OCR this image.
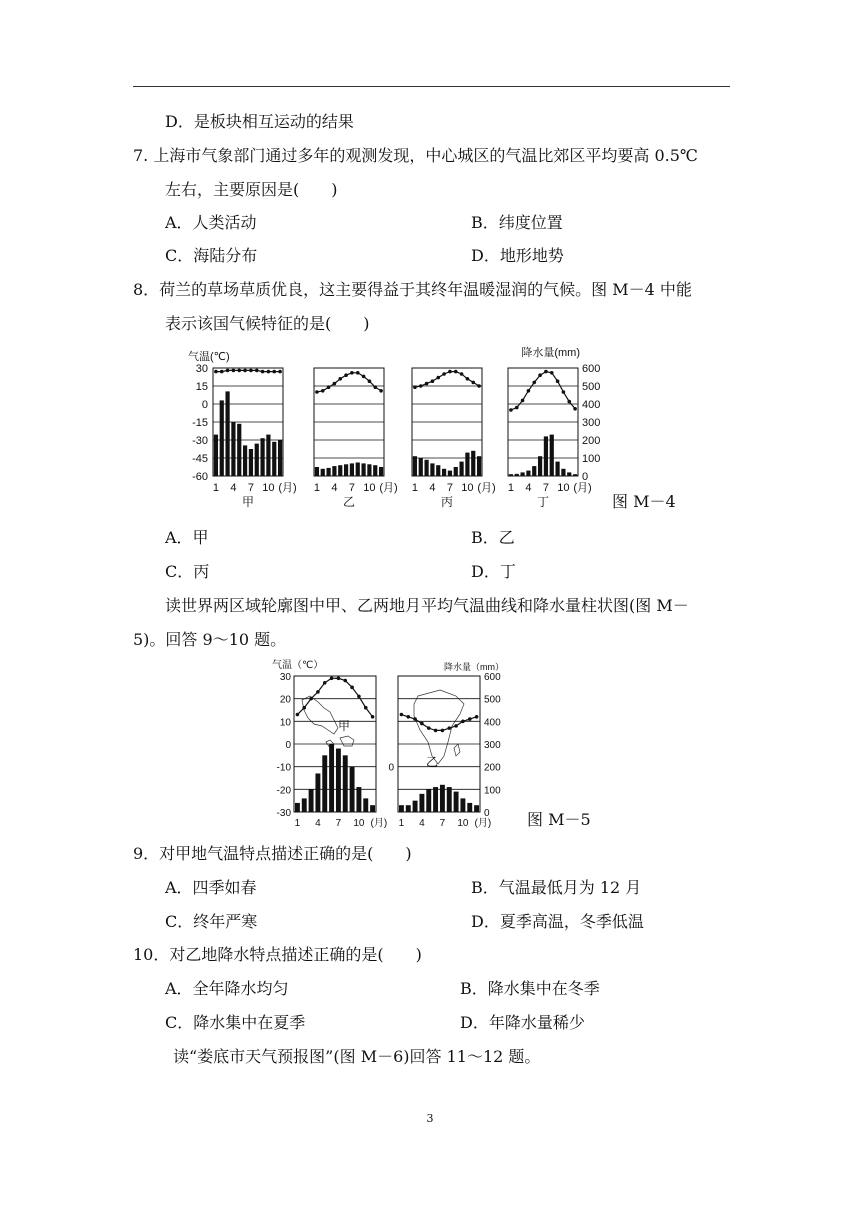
D．是板块相互运动的结果
7. 上海市气象部门通过多年的观测发现，中心城区的气温比郊区平均要高 0.5℃
左右，主要原因是(　　)
A．人类活动	B．纬度位置
C．海陆分布	D．地形地势
8．荷兰的草场草质优良，这主要得益于其终年温暖湿润的气候。图 M－4 中能
表示该国气候特征的是(　　)
气温(℃)	降水量(mm)
30
15
0
-15
-30
-45
-60
600
500
400
300
200
100
0
1 4 7 10 (月)
甲
1 4 7 10 (月)
乙
1 4 7 10 (月)
丙
1 4 7 10 (月)
丁	图 M－4
A．甲	B．乙
C．丙	D．丁
读世界两区域轮廓图中甲、乙两地月平均气温曲线和降水量柱状图(图 M－
5)。回答 9～10 题。
气温（℃）	降水量（mm）
30
20
10
0
-10
-20
-30
600
500
400
300
200
100
0
0
1 4 7 10 (月) 1 4 7 10 (月)
甲
乙
图 M－5
9．对甲地气温特点描述正确的是(　　)
A．四季如春	B．气温最低月为 12 月
C．终年严寒	D．夏季高温，冬季低温
10．对乙地降水特点描述正确的是(　　)
A．全年降水均匀	B．降水集中在冬季
C．降水集中在夏季	D．年降水量稀少
读“娄底市天气预报图”(图 M－6)回答 11～12 题。
3
